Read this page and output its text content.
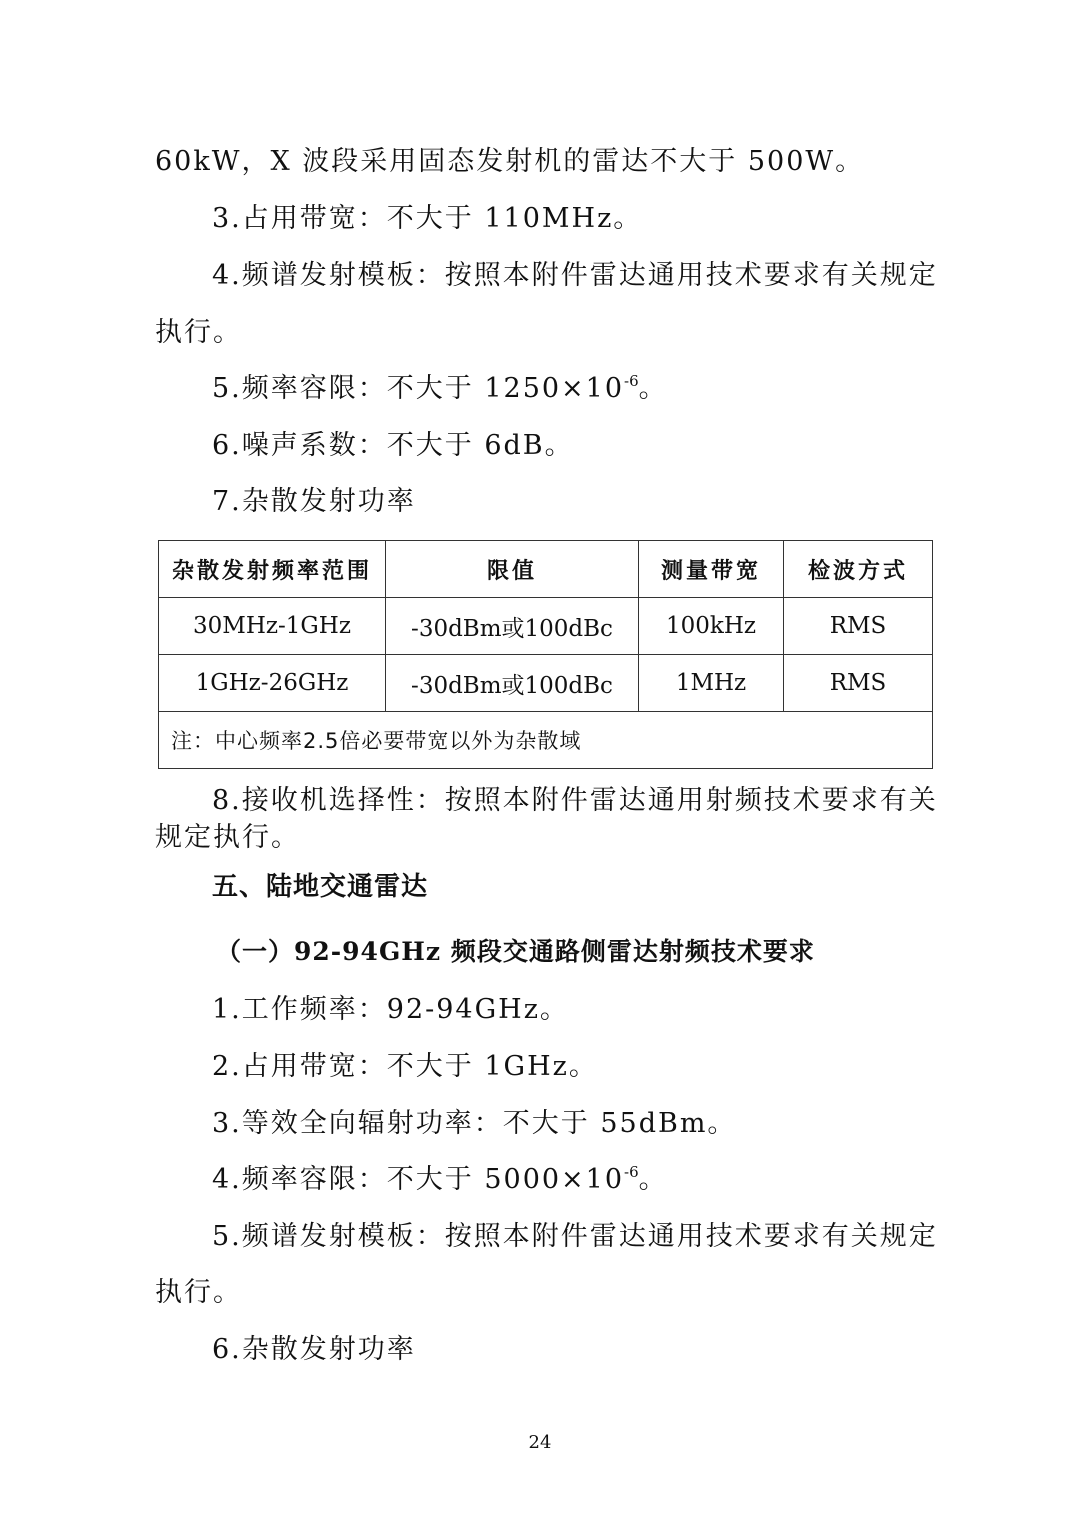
60kW，X 波段采用固态发射机的雷达不大于 500W。
3.占用带宽：不大于 110MHz。
4.频谱发射模板：按照本附件雷达通用技术要求有关规定
执行。
5.频率容限：不大于 $1250\times 10^{-6}$。
6.噪声系数：不大于 6dB。
7.杂散发射功率
杂散发射频率范围	限值	测量带宽	检波方式
30MHz-1GHz	-30dBm或100dBc	100kHz	RMS
1GHz-26GHz	-30dBm或100dBc	1MHz	RMS
注：中心频率2.5倍必要带宽以外为杂散域			
8.接收机选择性：按照本附件雷达通用射频技术要求有关
规定执行。
五、陆地交通雷达
（一）92-94GHz 频段交通路侧雷达射频技术要求
1.工作频率：92-94GHz。
2.占用带宽：不大于 1GHz。
3.等效全向辐射功率：不大于 55dBm。
4.频率容限：不大于 $5000\times 10^{-6}$。
5.频谱发射模板：按照本附件雷达通用技术要求有关规定
执行。
6.杂散发射功率
24
